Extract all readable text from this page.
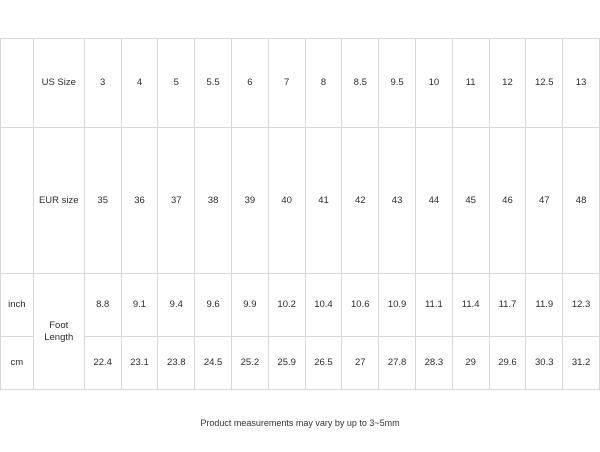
	US Size	3	4	5	5.5	6	7	8	8.5	9.5	10	11	12	12.5	13
	EUR size	35	36	37	38	39	40	41	42	43	44	45	46	47	48
inch	Foot Length	8.8	9.1	9.4	9.6	9.9	10.2	10.4	10.6	10.9	11.1	11.4	11.7	11.9	12.3
cm		22.4	23.1	23.8	24.5	25.2	25.9	26.5	27	27.8	28.3	29	29.6	30.3	31.2
Product measurements may vary by up to 3~5mm
